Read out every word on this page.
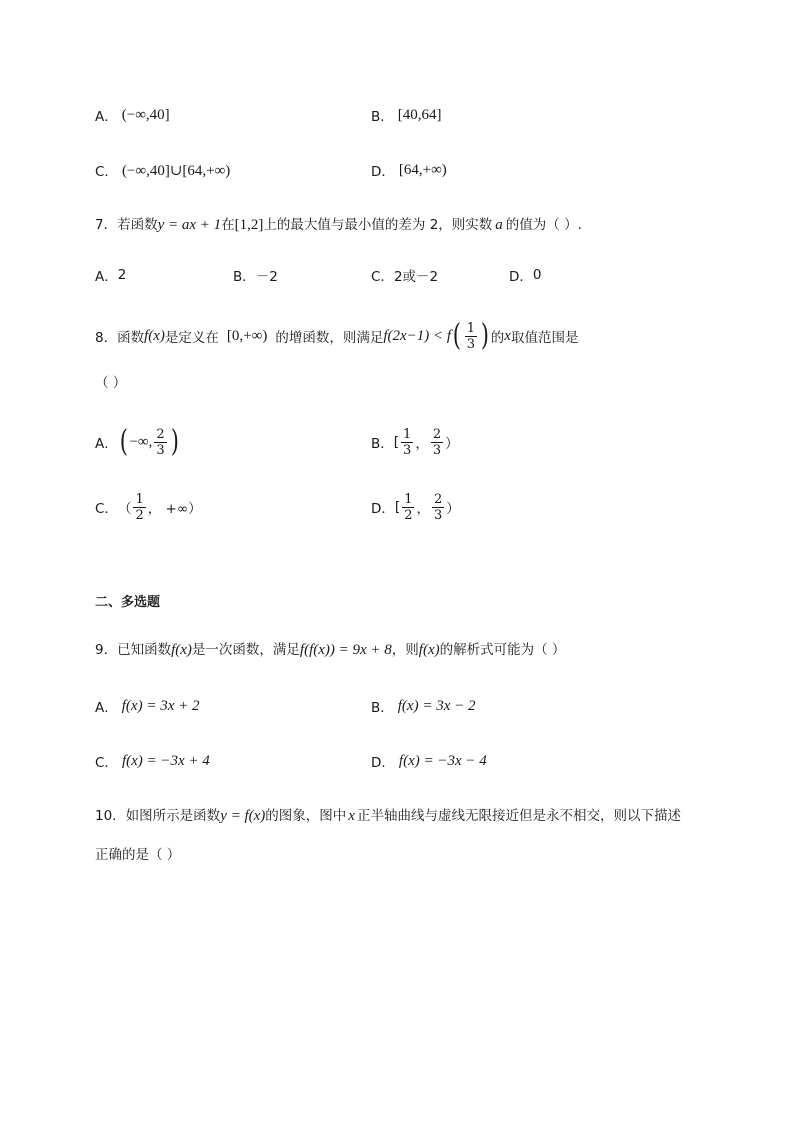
A． (−∞,40]	B． [40,64]
C． (−∞,40]∪[64,+∞)	D． [64,+∞)
7．若函数y = ax + 1在[1,2]上的最大值与最小值的差为 2，则实数 a 的值为（ ）.
A． 2	B． －2	C． 2或－2	D． 0
8． 函数 f(x) 是定义在 [0,+∞) 的增函数，则满足 f(2x−1) < f ( $\frac{1}{3}$ ) 的 x 取值范围是
（ ）
A． ( −∞, $\frac{2}{3}$ )	B． [ $\frac{1}{3}$ ， $\frac{2}{3}$ ）
C． （ $\frac{1}{2}$ ， +∞）	D． [ $\frac{1}{2}$ ， $\frac{2}{3}$ ）
二、多选题
9．已知函数f(x)是一次函数，满足f(f(x)) = 9x + 8，则f(x)的解析式可能为（ ）
A． f(x) = 3x + 2	B． f(x) = 3x − 2
C． f(x) = −3x + 4	D． f(x) = −3x − 4
10．如图所示是函数y = f(x)的图象，图中 x 正半轴曲线与虚线无限接近但是永不相交，则以下描述
正确的是（ ）
